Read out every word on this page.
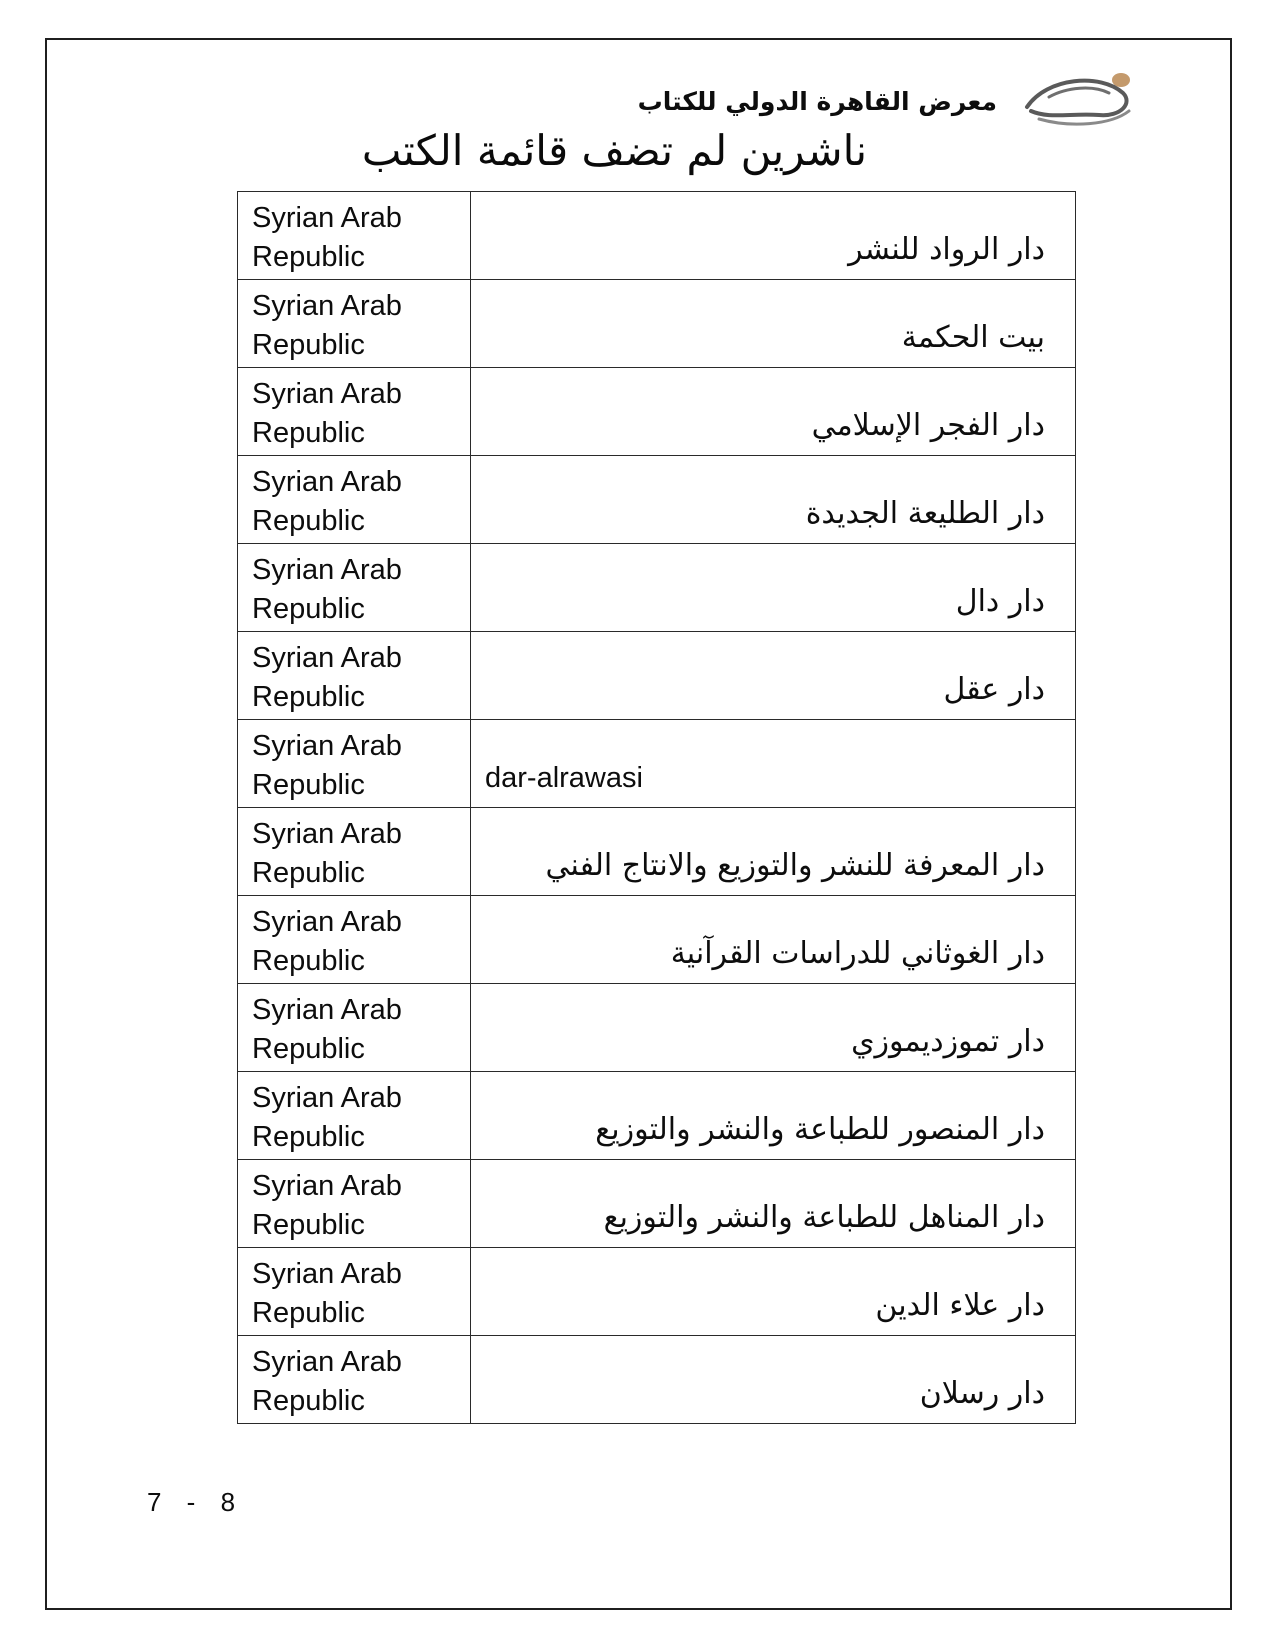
معرض القاهرة الدولي للكتاب
ناشرين لم تضف قائمة الكتب
Syrian Arab Republic	دار الرواد للنشر
Syrian Arab Republic	بيت الحكمة
Syrian Arab Republic	دار الفجر الإسلامي
Syrian Arab Republic	دار الطليعة الجديدة
Syrian Arab Republic	دار دال
Syrian Arab Republic	دار عقل
Syrian Arab Republic	dar-alrawasi
Syrian Arab Republic	دار المعرفة للنشر والتوزيع والانتاج الفني
Syrian Arab Republic	دار الغوثاني للدراسات القرآنية
Syrian Arab Republic	دار تموزديموزي
Syrian Arab Republic	دار المنصور للطباعة والنشر والتوزيع
Syrian Arab Republic	دار المناهل للطباعة والنشر والتوزيع
Syrian Arab Republic	دار علاء الدين
Syrian Arab Republic	دار رسلان
7 - 8
